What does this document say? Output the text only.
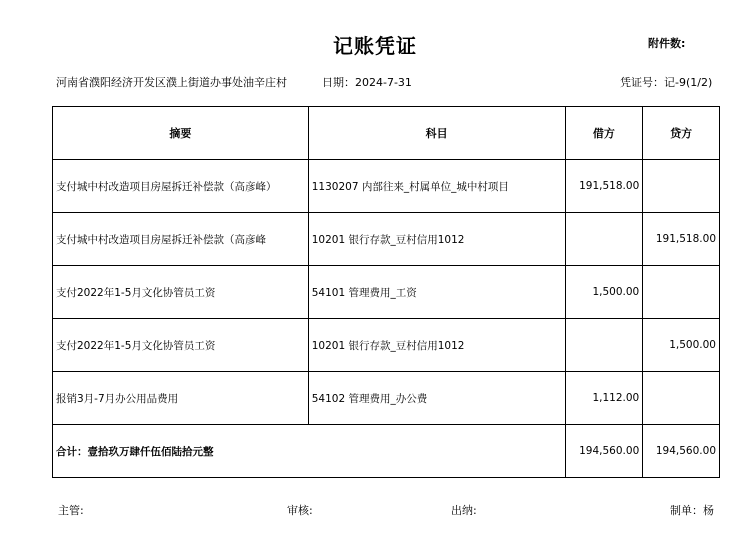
记账凭证	附件数:
河南省濮阳经济开发区濮上街道办事处油辛庄村	日期：2024-7-31	凭证号：记-9(1/2)
摘要	科目	借方	贷方
支付城中村改造项目房屋拆迁补偿款（高彦峰）	1130207 内部往来_村属单位_城中村项目	191,518.00	
支付城中村改造项目房屋拆迁补偿款（高彦峰	10201 银行存款_豆村信用1012		191,518.00
支付2022年1-5月文化协管员工资	54101 管理费用_工资	1,500.00	
支付2022年1-5月文化协管员工资	10201 银行存款_豆村信用1012		1,500.00
报销3月-7月办公用品费用	54102 管理费用_办公费	1,112.00	
合计：壹拾玖万肆仟伍佰陆拾元整		194,560.00	194,560.00
主管:	审核:	出纳:	制单：杨
